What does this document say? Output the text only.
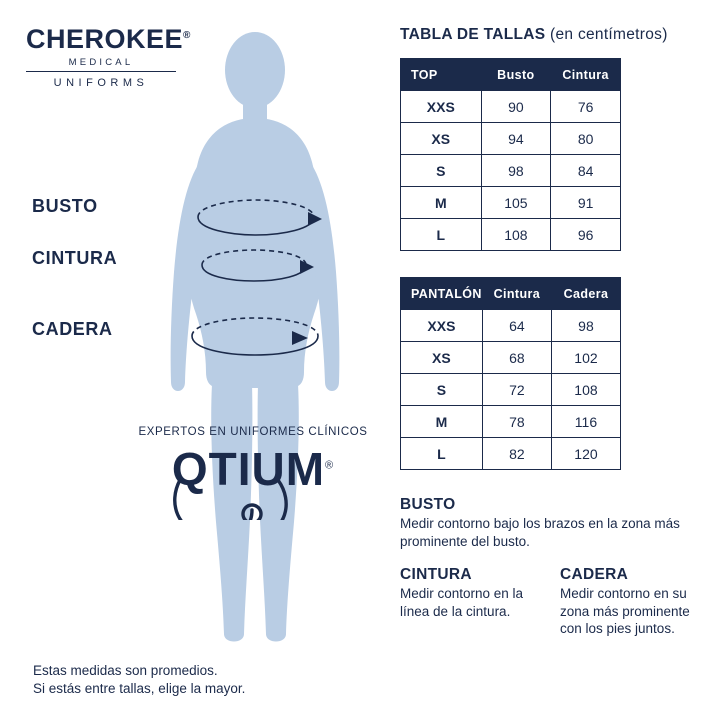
CHEROKEE®
MEDICAL
UNIFORMS
BUSTO
CINTURA
CADERA
EXPERTOS EN UNIFORMES CLÍNICOS
QTIUM®
Estas medidas son promedios.
Si estás entre tallas, elige la mayor.
TABLA DE TALLAS (en centímetros)
TOP	Busto	Cintura
XXS	90	76
XS	94	80
S	98	84
M	105	91
L	108	96
PANTALÓN	Cintura	Cadera
XXS	64	98
XS	68	102
S	72	108
M	78	116
L	82	120
BUSTO

Medir contorno bajo los brazos en la zona más prominente del busto.

CINTURA

Medir contorno en la línea de la cintura.

CADERA

Medir contorno en su zona más prominente con los pies juntos.
